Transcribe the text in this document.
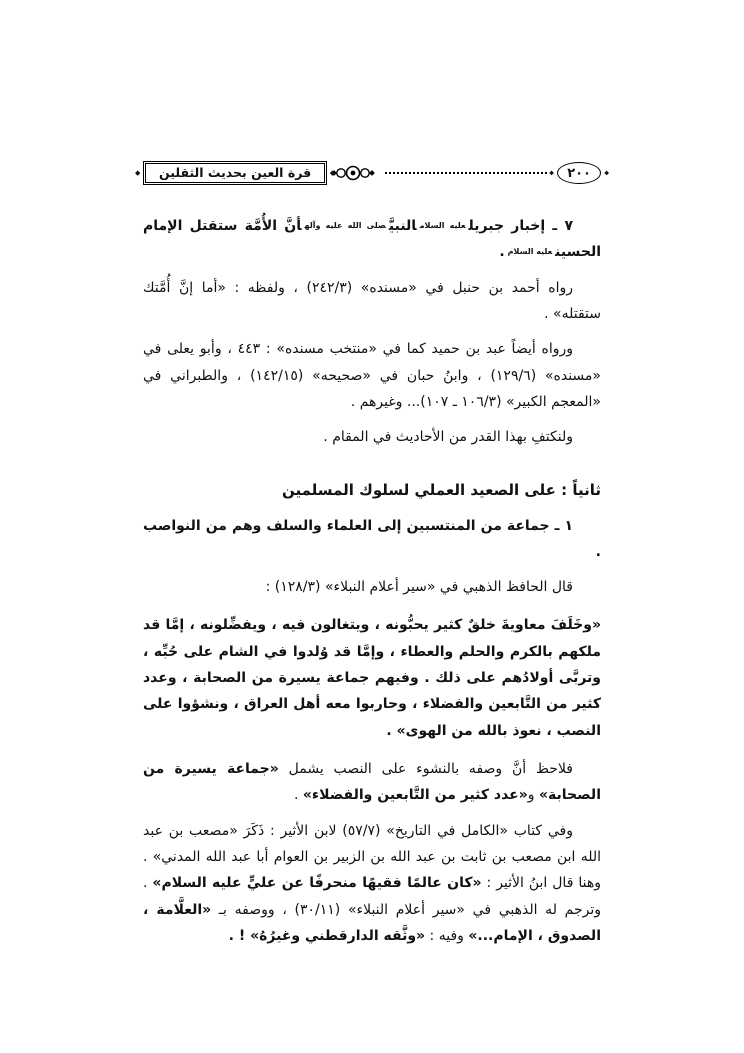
◆ ٢٠٠ ◆
◆ قرة العين بحديث الثقلين ◆

٧ ـ إخبار جبريلعليه السلامالنبيَّصلى الله عليه وآلهأنَّ الأُمَّة ستقتل الإمام الحسينعليه السلام.

رواه أحمد بن حنبل في «مسنده» (٢٤٢/٣) ، ولفظه : «أما إنَّ أُمَّتك ستقتله» .

ورواه أيضاً عبد بن حميد كما في «منتخب مسنده» : ٤٤٣ ، وأبو يعلى في «مسنده» (١٢٩/٦) ، وابنُ حبان في «صحيحه» (١٤٢/١٥) ، والطبراني في «المعجم الكبير» (١٠٦/٣ ـ ١٠٧)... وغيرهم .

ولنكتفِ بهذا القدر من الأحاديث في المقام .

ثانياً : على الصعيد العملي لسلوك المسلمين

١ ـ جماعة من المنتسبين إلى العلماء والسلف وهم من النواصب .

قال الحافظ الذهبي في «سير أعلام النبلاء» (١٢٨/٣) :

«وخَلَفَ معاويةَ خلقٌ كثير يحبُّونه ، ويتغالون فيه ، ويفضِّلونه ، إمَّا قد ملكهم بالكرم والحلم والعطاء ، وإمَّا قد وُلدوا في الشام على حُبِّه ، وتربَّى أولادُهم على ذلك . وفيهم جماعة يسيرة من الصحابة ، وعدد كثير من التَّابعين والفضلاء ، وحاربوا معه أهل العراق ، ونشؤوا على النصب ، نعوذ بالله من الهوى» .

فلاحظ أنَّ وصفه بالنشوء على النصب يشمل «جماعة يسيرة من الصحابة» و«عدد كثير من التَّابعين والفضلاء» .

وفي كتاب «الكامل في التاريخ» (٥٧/٧) لابن الأثير : ذَكَرَ «مصعب بن عبد الله ابن مصعب بن ثابت بن عبد الله بن الزبير بن العوام أبا عبد الله المدني» . وهنا قال ابنُ الأثير : «كان عالمًا فقيهًا منحرفًا عن عليٍّ عليه السلام» . وترجم له الذهبي في «سير أعلام النبلاء» (٣٠/١١) ، ووصفه بـ «العلَّامة ، الصدوق ، الإمام...» وفيه : «وثَّقه الدارقطني وغيرُهُ» ! .
